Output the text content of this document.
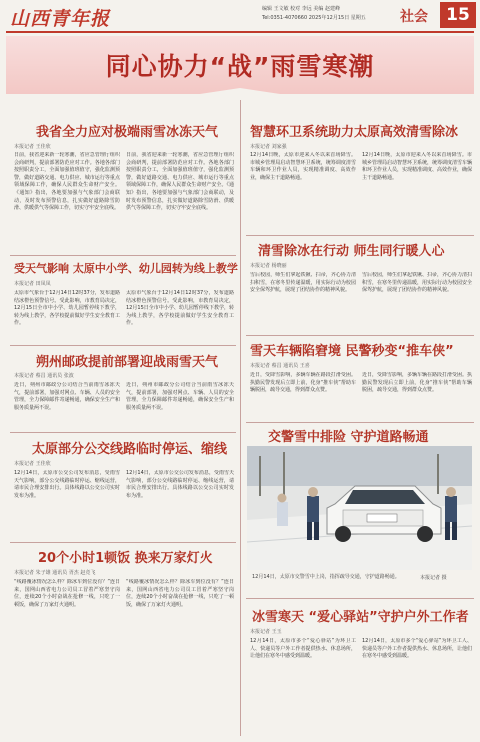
山西青年报	编辑 王文敏 校对 李远 美编 赵建峰
Tel:0351-4070660 2025年12月15日 星期五	社会	15
同心协力“战”雨雪寒潮
我省全力应对极端雨雪冰冻天气
本报记者 王佳欣
日前，我省迎来新一轮寒潮，省应急管理厅组织会商研判，提前部署防范应对工作。各地各部门按照职责分工，全面加强值班值守，强化监测预警，做好道路交通、电力供应、城市运行等重点领域保障工作，确保人民群众生命财产安全。《通知》指出，各地要加强与气象部门会商联动，及时发布预警信息，扎实做好道路除雪防滑、供暖供气等保障工作，切实守牢安全底线。
日前，我省迎来新一轮寒潮，省应急管理厅组织会商研判，提前部署防范应对工作。各地各部门按照职责分工，全面加强值班值守，强化监测预警，做好道路交通、电力供应、城市运行等重点领域保障工作，确保人民群众生命财产安全。《通知》指出，各地要加强与气象部门会商联动，及时发布预警信息，扎实做好道路除雪防滑、供暖供气等保障工作，切实守牢安全底线。
受天气影响 太原中小学、幼儿园转为线上教学
本报记者 田凤凤
太原市气象台于12月14日12时37分，发布道路结冰橙色预警信号。受此影响，市教育局决定，12月15日全市中小学、幼儿园暂停线下教学，转为线上教学，各学校提前做好学生安全教育工作。
太原市气象台于12月14日12时37分，发布道路结冰橙色预警信号。受此影响，市教育局决定，12月15日全市中小学、幼儿园暂停线下教学，转为线上教学，各学校提前做好学生安全教育工作。
朔州邮政提前部署迎战雨雪天气
本报记者 蔡昌 通讯员 张波
近日，朔州市邮政分公司结合当前雨雪冰冻天气，提前部署，加强对网点、车辆、人员的安全管理，全力保障邮件寄递畅通，确保安全生产和服务质量两不误。
近日，朔州市邮政分公司结合当前雨雪冰冻天气，提前部署，加强对网点、车辆、人员的安全管理，全力保障邮件寄递畅通，确保安全生产和服务质量两不误。
太原部分公交线路临时停运、缩线
本报记者 王佳欣
12月14日，太原市公交公司发布消息，受雨雪天气影响，部分公交线路临时停运、缩线运营，请市民合理安排出行。具体线路以公交公司实时发布为准。
12月14日，太原市公交公司发布消息，受雨雪天气影响，部分公交线路临时停运、缩线运营，请市民合理安排出行。具体线路以公交公司实时发布为准。
20个小时1顿饭 换来万家灯火
本报记者 朱子雄 通讯员 胥杰 赵竞飞
“线路覆冰情况怎么样？除冰车到位没有？”连日来，国网山西省电力公司员工冒着严寒坚守岗位，连续20个小时奋战在抢修一线，只吃了一顿饭，确保了万家灯火通明。
“线路覆冰情况怎么样？除冰车到位没有？”连日来，国网山西省电力公司员工冒着严寒坚守岗位，连续20个小时奋战在抢修一线，只吃了一顿饭，确保了万家灯火通明。
智慧环卫系统助力太原高效清雪除冰
本报记者 刘家强
12月14日晚，太原市迎来入冬以来首场降雪。市城乡管理局启动智慧环卫系统，统筹调度清雪车辆和环卫作业人员，实现精准调度、高效作业，确保主干道路畅通。
12月14日晚，太原市迎来入冬以来首场降雪。市城乡管理局启动智慧环卫系统，统筹调度清雪车辆和环卫作业人员，实现精准调度、高效作业，确保主干道路畅通。
清雪除冰在行动 师生同行暖人心
本报记者 杨晓丽
雪后校园，师生们拿起铁锹、扫帚，齐心协力清扫积雪，在寒冬里传递温暖，用实际行动为校园安全保驾护航，展现了团结协作的精神风貌。
雪后校园，师生们拿起铁锹、扫帚，齐心协力清扫积雪，在寒冬里传递温暖，用实际行动为校园安全保驾护航，展现了团结协作的精神风貌。
雪天车辆陷窘境 民警秒变“推车侠”
本报记者 蔡昌 通讯员 王喜
近日，受降雪影响，多辆车辆在路段打滑受困。执勤民警发现后立即上前，化身“推车侠”帮助车辆脱困，疏导交通，得到群众点赞。
近日，受降雪影响，多辆车辆在路段打滑受困。执勤民警发现后立即上前，化身“推车侠”帮助车辆脱困，疏导交通，得到群众点赞。
交警雪中排险 守护道路畅通
12月14日，太原市交警雪中上岗，指挥疏导交通，守护道路畅通。	本报记者 摄
冰雪寒天 “爱心驿站”守护户外工作者
本报记者 王玉
12月14日，太原市多个“爱心驿站”为环卫工人、快递员等户外工作者提供热水、休息场所，让他们在寒冬中感受到温暖。
12月14日，太原市多个“爱心驿站”为环卫工人、快递员等户外工作者提供热水、休息场所，让他们在寒冬中感受到温暖。
